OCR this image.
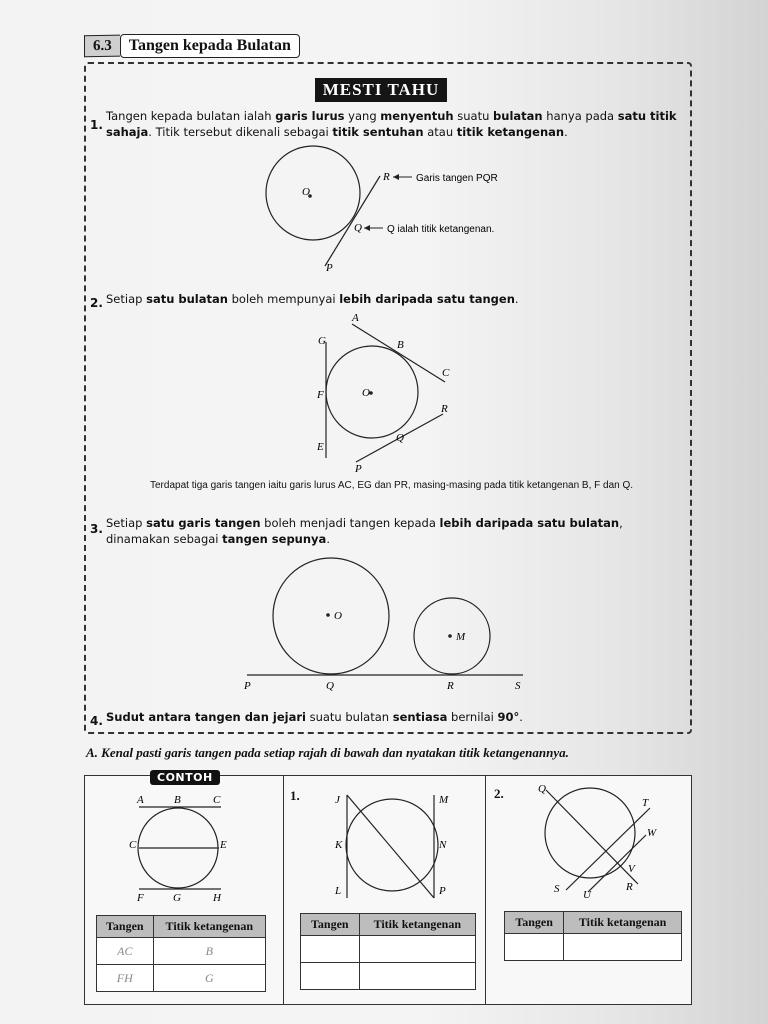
6.3	Tangen kepada Bulatan
MESTI TAHU
1.
Tangen kepada bulatan ialah garis lurus yang menyentuh suatu bulatan hanya pada satu titik sahaja. Titik tersebut dikenali sebagai titik sentuhan atau titik ketangenan.
O
R
Q
P
Garis tangen PQR
Q ialah titik ketangenan.
2. Setiap satu bulatan boleh mempunyai lebih daripada satu tangen.
A
B
C
G
F	O
R
Q
E
P
Terdapat tiga garis tangen iaitu garis lurus AC, EG dan PR, masing-masing pada titik ketangenan B, F dan Q.
3. Setiap satu garis tangen boleh menjadi tangen kepada lebih daripada satu bulatan, dinamakan sebagai tangen sepunya.
O
M
P	Q	R	S
4. Sudut antara tangen dan jejari suatu bulatan sentiasa bernilai 90°.
A. Kenal pasti garis tangen pada setiap rajah di bawah dan nyatakan titik ketangenannya.
CONTOH
A	B	C
C	E
F	G	H
Tangen	Titik ketangenan
AC	B
FH	G
1.	J	M
K	N
L	P
Tangen	Titik ketangenan

2.	Q
T
W
V
S U
R
Tangen	Titik ketangenan
